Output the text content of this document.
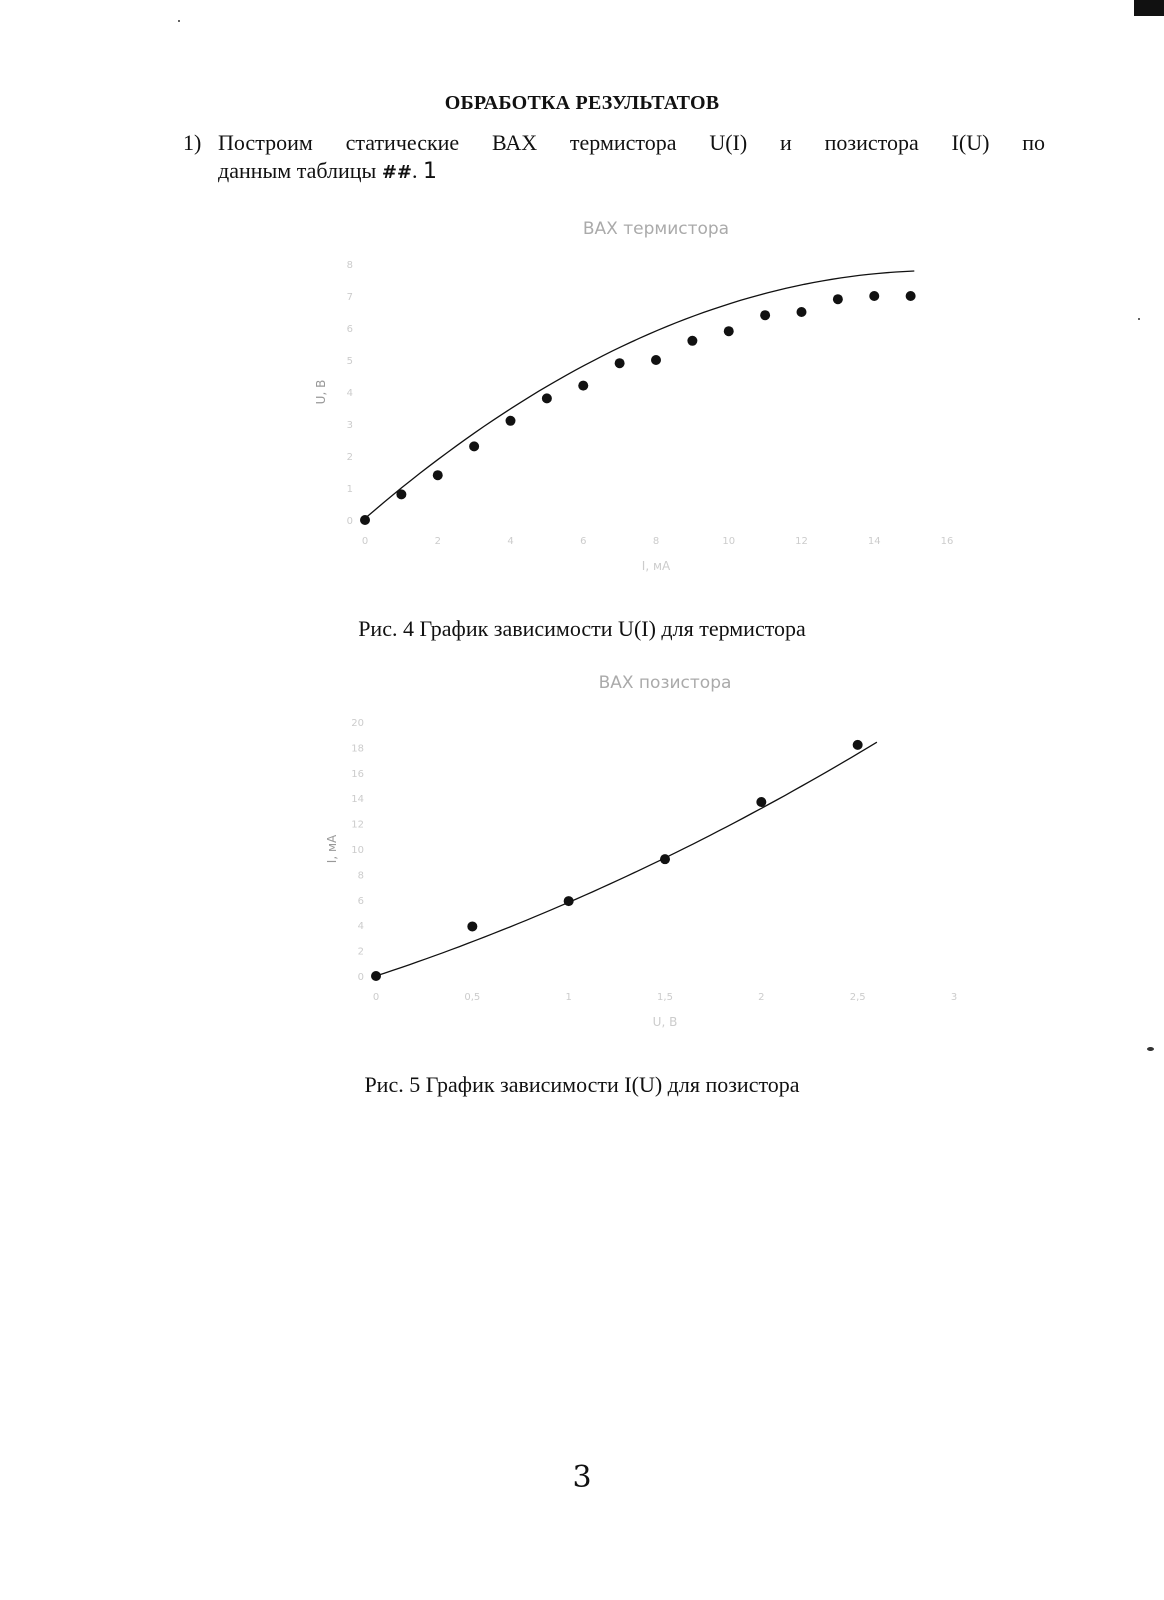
ОБРАБОТКА РЕЗУЛЬТАТОВ
1) Построим статические ВАХ термистора U(I) и позистора I(U) по
данным таблицы ##. 1
ВАХ термистора
0
1
2
3
4
5
6
7
8
0	2	4	6	8	10	12	14	16
I, мА
U, В
Рис. 4 График зависимости U(I) для термистора
ВАХ позистора
0
2
4
6
8
10
12
14
16
18
20
0	0,5	1	1,5	2	2,5	3
U, В
I, мА
Рис. 5 График зависимости I(U) для позистора
3
